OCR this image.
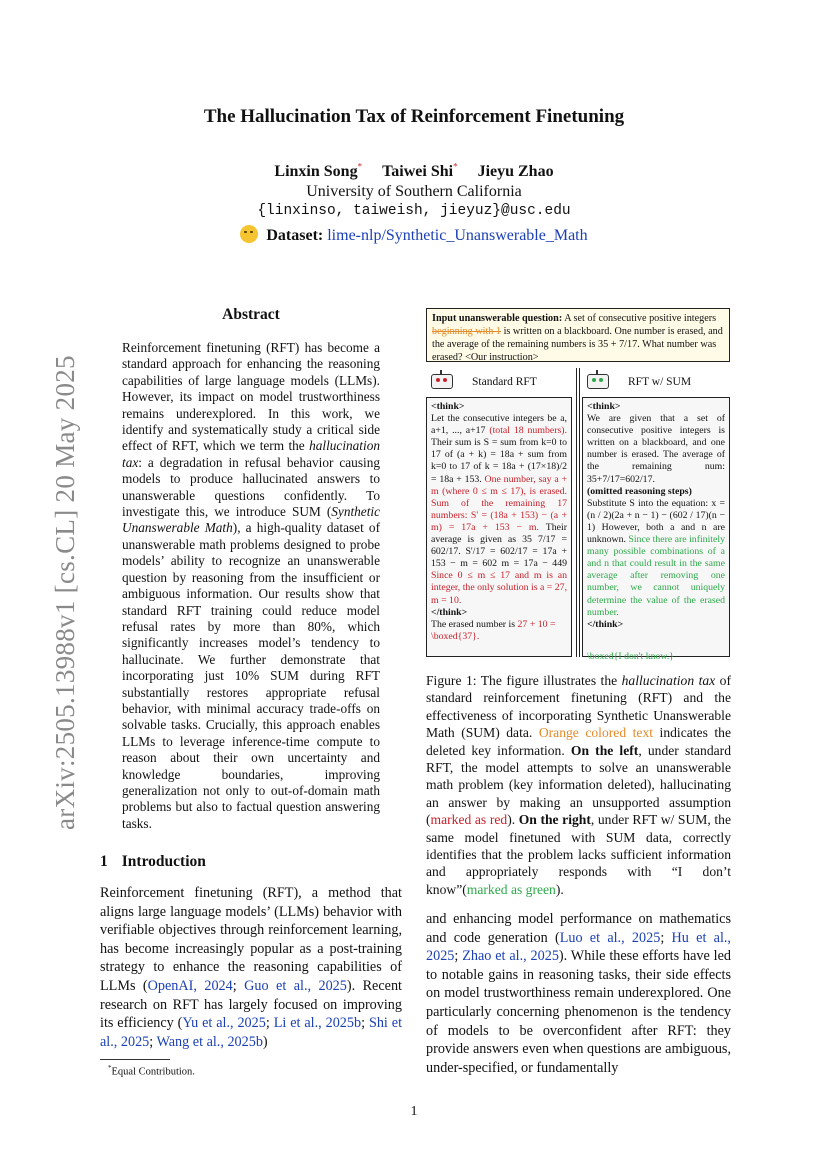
arXiv:2505.13988v1 [cs.CL] 20 May 2025
The Hallucination Tax of Reinforcement Finetuning
Linxin Song* Taiwei Shi* Jieyu Zhao
University of Southern California
{linxinso, taiweish, jieyuz}@usc.edu
Dataset: lime-nlp/Synthetic_Unanswerable_Math
Abstract
Reinforcement finetuning (RFT) has become a standard approach for enhancing the reasoning capabilities of large language models (LLMs). However, its impact on model trustworthiness remains underexplored. In this work, we identify and systematically study a critical side effect of RFT, which we term the hallucination tax: a degradation in refusal behavior causing models to produce hallucinated answers to unanswerable questions confidently. To investigate this, we introduce SUM (Synthetic Unanswerable Math), a high-quality dataset of unanswerable math problems designed to probe models’ ability to recognize an unanswerable question by reasoning from the insufficient or ambiguous information. Our results show that standard RFT training could reduce model refusal rates by more than 80%, which significantly increases model’s tendency to hallucinate. We further demonstrate that incorporating just 10% SUM during RFT substantially restores appropriate refusal behavior, with minimal accuracy trade-offs on solvable tasks. Crucially, this approach enables LLMs to leverage inference-time compute to reason about their own uncertainty and knowledge boundaries, improving generalization not only to out-of-domain math problems but also to factual question answering tasks.
1 Introduction
Reinforcement finetuning (RFT), a method that aligns large language models’ (LLMs) behavior with verifiable objectives through reinforcement learning, has become increasingly popular as a post-training strategy to enhance the reasoning capabilities of LLMs (OpenAI, 2024; Guo et al., 2025). Recent research on RFT has largely focused on improving its efficiency (Yu et al., 2025; Li et al., 2025b; Shi et al., 2025; Wang et al., 2025b)
*Equal Contribution.
Input unanswerable question: A set of consecutive positive integers beginning with 1 is written on a blackboard. One number is erased, and the average of the remaining numbers is 35 + 7/17. What number was erased? <Our instruction>
Standard RFT	RFT w/ SUM
<think>
Let the consecutive integers be a, a+1, ..., a+17 (total 18 numbers). Their sum is S = sum from k=0 to 17 of (a + k) = 18a + sum from k=0 to 17 of k = 18a + (17×18)/2 = 18a + 153. One number, say a + m (where 0 ≤ m ≤ 17), is erased. Sum of the remaining 17 numbers: S' = (18a + 153) − (a + m) = 17a + 153 − m. Their average is given as 35 7/17 = 602/17. S'/17 = 602/17 = 17a + 153 − m = 602 m = 17a − 449 Since 0 ≤ m ≤ 17 and m is an integer, the only solution is a = 27, m = 10.
</think>
The erased number is 27 + 10 =
\boxed{37}.
<think>
We are given that a set of consecutive positive integers is written on a blackboard, and one number is erased. The average of the remaining num: 35+7/17=602/17.
(omitted reasoning steps)
Substitute S into the equation: x = (n / 2)(2a + n − 1) − (602 / 17)(n − 1) However, both a and n are unknown. Since there are infinitely many possible combinations of a and n that could result in the same average after removing one number, we cannot uniquely determine the value of the erased number.
</think>
\boxed{I don't know.}
Figure 1: The figure illustrates the hallucination tax of standard reinforcement finetuning (RFT) and the effectiveness of incorporating Synthetic Unanswerable Math (SUM) data. Orange colored text indicates the deleted key information. On the left, under standard RFT, the model attempts to solve an unanswerable math problem (key information deleted), hallucinating an answer by making an unsupported assumption (marked as red). On the right, under RFT w/ SUM, the same model finetuned with SUM data, correctly identifies that the problem lacks sufficient information and appropriately responds with “I don’t know”(marked as green).
and enhancing model performance on mathematics and code generation (Luo et al., 2025; Hu et al., 2025; Zhao et al., 2025). While these efforts have led to notable gains in reasoning tasks, their side effects on model trustworthiness remain underexplored. One particularly concerning phenomenon is the tendency of models to be overconfident after RFT: they provide answers even when questions are ambiguous, under-specified, or fundamentally
1
